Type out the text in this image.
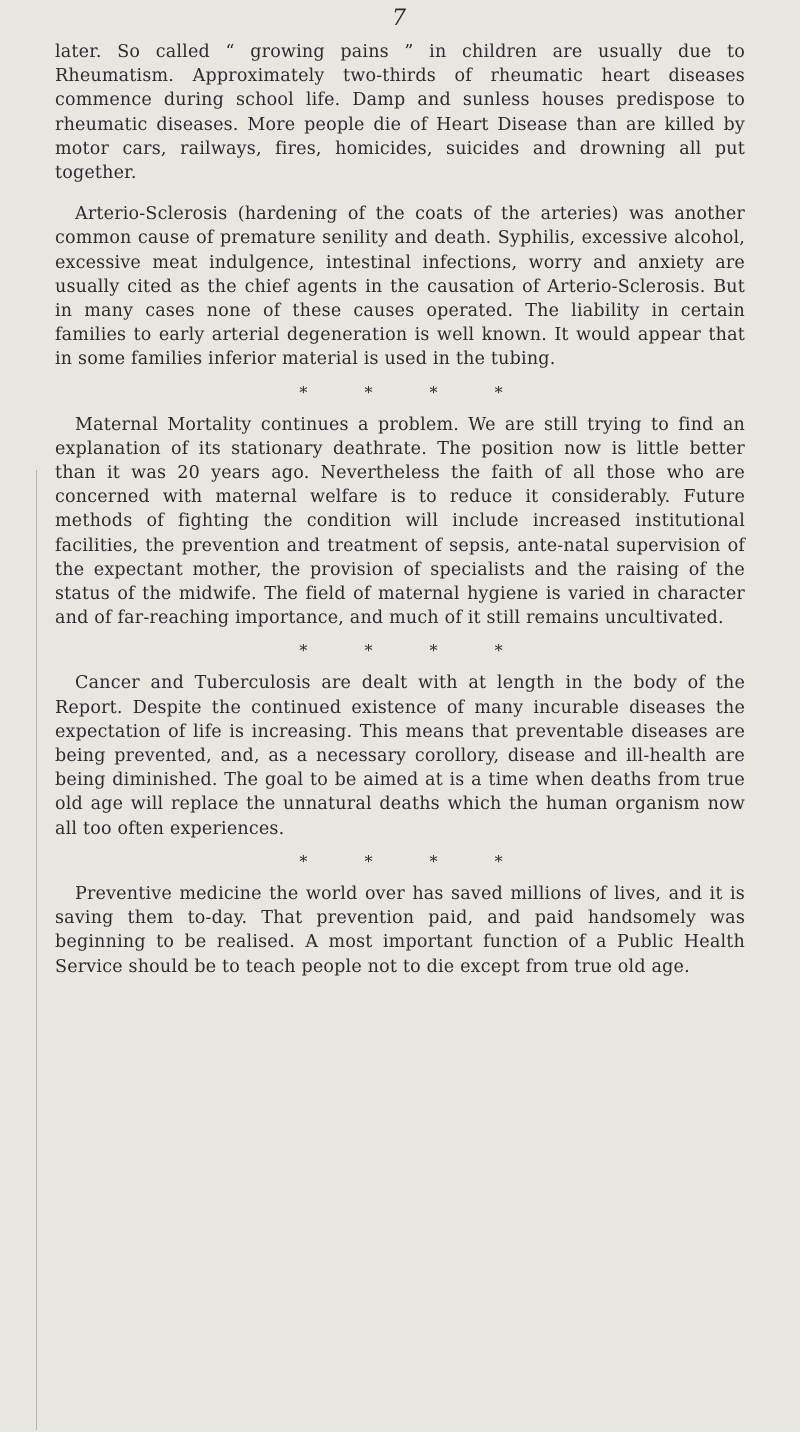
7

later. So called “ growing pains ” in children are usually due to Rheumatism. Approximately two-thirds of rheumatic heart diseases commence during school life. Damp and sunless houses predispose to rheumatic diseases. More people die of Heart Disease than are killed by motor cars, railways, fires, homicides, suicides and drowning all put together.

Arterio-Sclerosis (hardening of the coats of the arteries) was another common cause of premature senility and death. Syphilis, excessive alcohol, excessive meat indulgence, intestinal infections, worry and anxiety are usually cited as the chief agents in the causation of Arterio-Sclerosis. But in many cases none of these causes operated. The liability in certain families to early arterial degeneration is well known. It would appear that in some families inferior material is used in the tubing.

* * * *

Maternal Mortality continues a problem. We are still trying to find an explanation of its stationary deathrate. The position now is little better than it was 20 years ago. Nevertheless the faith of all those who are concerned with maternal welfare is to reduce it considerably. Future methods of fighting the condition will include increased institutional facilities, the prevention and treatment of sepsis, ante-natal supervision of the expectant mother, the provision of specialists and the raising of the status of the midwife. The field of maternal hygiene is varied in character and of far-reaching importance, and much of it still remains uncultivated.

* * * *

Cancer and Tuberculosis are dealt with at length in the body of the Report. Despite the continued existence of many incurable diseases the expectation of life is increasing. This means that preventable diseases are being prevented, and, as a necessary corollory, disease and ill-health are being diminished. The goal to be aimed at is a time when deaths from true old age will replace the unnatural deaths which the human organism now all too often experiences.

* * * *

Preventive medicine the world over has saved millions of lives, and it is saving them to-day. That prevention paid, and paid handsomely was beginning to be realised. A most important function of a Public Health Service should be to teach people not to die except from true old age.
